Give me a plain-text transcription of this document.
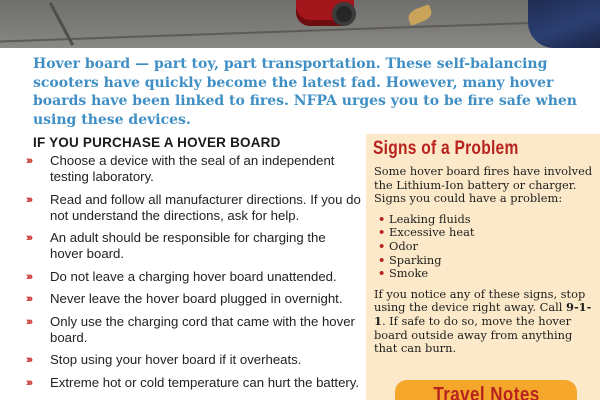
Hover board — part toy, part transportation. These self-balancing scooters have quickly become the latest fad. However, many hover boards have been linked to fires. NFPA urges you to be fire safe when using these devices.

IF YOU PURCHASE A HOVER BOARD
››› Choose a device with the seal of an independent testing laboratory.
››› Read and follow all manufacturer directions. If you do not understand the directions, ask for help.
››› An adult should be responsible for charging the hover board.
››› Do not leave a charging hover board unattended.
››› Never leave the hover board plugged in overnight.
››› Only use the charging cord that came with the hover board.
››› Stop using your hover board if it overheats.
››› Extreme hot or cold temperature can hurt the battery.
Signs of a Problem

Some hover board fires have involved the Lithium-Ion battery or charger. Signs you could have a problem:

• Leaking fluids
• Excessive heat
• Odor
• Sparking
• Smoke

If you notice any of these signs, stop using the device right away. Call 9-1-1. If safe to do so, move the hover board outside away from anything that can burn.

Travel Notes
